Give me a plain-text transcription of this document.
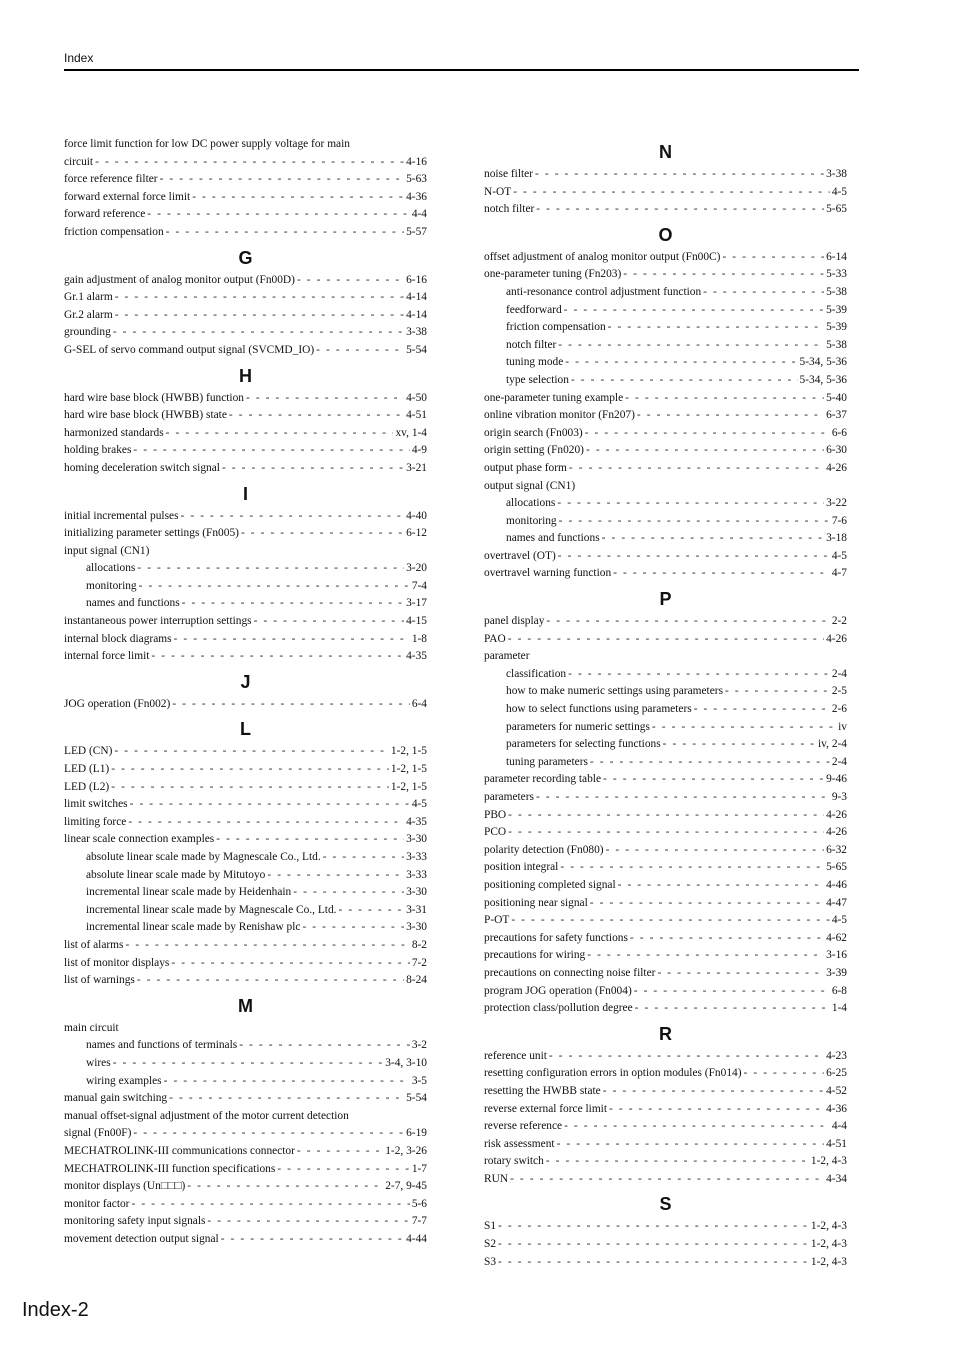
Index
force limit function for low DC power supply voltage for main
circuit - - -	4-16
force reference filter - - -	5-63
forward external force limit - - -	4-36
forward reference - - -	4-4
friction compensation - - -	5-57
G
gain adjustment of analog monitor output (Fn00D) - - -	6-16
Gr.1 alarm - - -	4-14
Gr.2 alarm - - -	4-14
grounding - - -	3-38
G-SEL of servo command output signal (SVCMD_IO) - - -	5-54
H
hard wire base block (HWBB) function - - -	4-50
hard wire base block (HWBB) state - - -	4-51
harmonized standards - - -	xv, 1-4
holding brakes - - -	4-9
homing deceleration switch signal - - -	3-21
I
initial incremental pulses - - -	4-40
initializing parameter settings (Fn005) - - -	6-12
input signal (CN1)
allocations - - -	3-20
monitoring - - -	7-4
names and functions - - -	3-17
instantaneous power interruption settings - - -	4-15
internal block diagrams - - -	1-8
internal force limit - - -	4-35
J
JOG operation (Fn002) - - -	6-4
L
LED (CN) - - -	1-2, 1-5
LED (L1) - - -	1-2, 1-5
LED (L2) - - -	1-2, 1-5
limit switches - - -	4-5
limiting force - - -	4-35
linear scale connection examples - - -	3-30
absolute linear scale made by Magnescale Co., Ltd. - - -	3-33
absolute linear scale made by Mitutoyo - - -	3-33
incremental linear scale made by Heidenhain - - -	3-30
incremental linear scale made by Magnescale Co., Ltd. - - -	3-31
incremental linear scale made by Renishaw plc - - -	3-30
list of alarms - - -	8-2
list of monitor displays - - -	7-2
list of warnings - - -	8-24
M
main circuit
names and functions of terminals - - -	3-2
wires - - -	3-4, 3-10
wiring examples - - -	3-5
manual gain switching - - -	5-54
manual offset-signal adjustment of the motor current detection
signal (Fn00F) - - -	6-19
MECHATROLINK-III communications connector - - -	1-2, 3-26
MECHATROLINK-III function specifications - - -	1-7
monitor displays (Un□□□) - - -	2-7, 9-45
monitor factor - - -	5-6
monitoring safety input signals - - -	7-7
movement detection output signal - - -	4-44
N
noise filter - - -	3-38
N-OT - - -	4-5
notch filter - - -	5-65
O
offset adjustment of analog monitor output (Fn00C) - - -	6-14
one-parameter tuning (Fn203) - - -	5-33
anti-resonance control adjustment function - - -	5-38
feedforward - - -	5-39
friction compensation - - -	5-39
notch filter - - -	5-38
tuning mode - - -	5-34, 5-36
type selection - - -	5-34, 5-36
one-parameter tuning example - - -	5-40
online vibration monitor (Fn207) - - -	6-37
origin search (Fn003) - - -	6-6
origin setting (Fn020) - - -	6-30
output phase form - - -	4-26
output signal (CN1)
allocations - - -	3-22
monitoring - - -	7-6
names and functions - - -	3-18
overtravel (OT) - - -	4-5
overtravel warning function - - -	4-7
P
panel display - - -	2-2
PAO - - -	4-26
parameter
classification - - -	2-4
how to make numeric settings using parameters - - -	2-5
how to select functions using parameters - - -	2-6
parameters for numeric settings - - -	iv
parameters for selecting functions - - -	iv, 2-4
tuning parameters - - -	2-4
parameter recording table - - -	9-46
parameters - - -	9-3
PBO - - -	4-26
PCO - - -	4-26
polarity detection (Fn080) - - -	6-32
position integral - - -	5-65
positioning completed signal - - -	4-46
positioning near signal - - -	4-47
P-OT - - -	4-5
precautions for safety functions - - -	4-62
precautions for wiring - - -	3-16
precautions on connecting noise filter - - -	3-39
program JOG operation (Fn004) - - -	6-8
protection class/pollution degree - - -	1-4
R
reference unit - - -	4-23
resetting configuration errors in option modules (Fn014) - - -	6-25
resetting the HWBB state - - -	4-52
reverse external force limit - - -	4-36
reverse reference - - -	4-4
risk assessment - - -	4-51
rotary switch - - -	1-2, 4-3
RUN - - -	4-34
S
S1 - - -	1-2, 4-3
S2 - - -	1-2, 4-3
S3 - - -	1-2, 4-3
Index-2
